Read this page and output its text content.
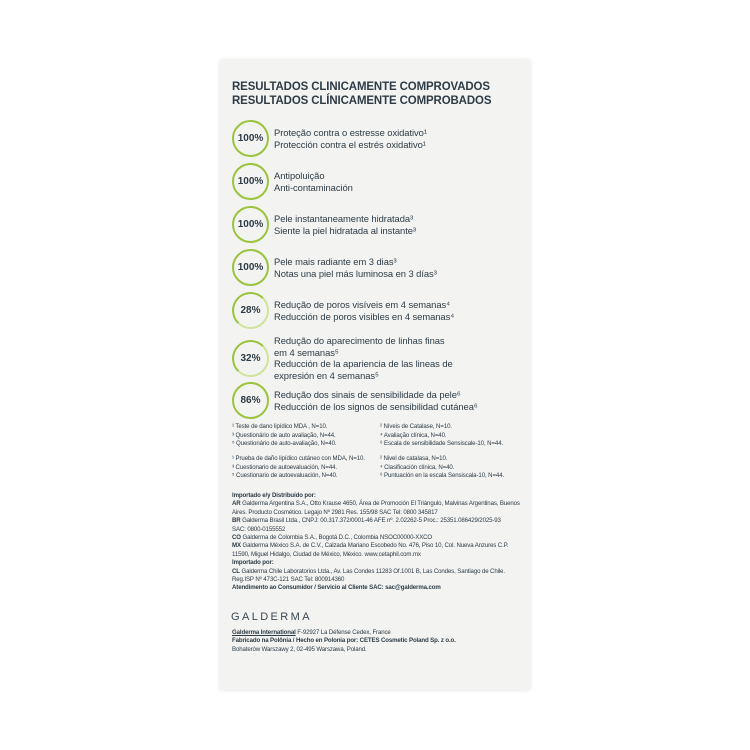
RESULTADOS CLINICAMENTE COMPROVADOS
RESULTADOS CLÍNICAMENTE COMPROBADOS
100%
Proteção contra o estresse oxidativo¹
Protección contra el estrés oxidativo¹
100%
Antipoluição
Anti-contaminación
100%
Pele instantaneamente hidratada³
Siente la piel hidratada al instante³
100%
Pele mais radiante em 3 dias³
Notas una piel más luminosa en 3 días³
28%
Redução de poros visíveis em 4 semanas⁴
Reducción de poros visibles en 4 semanas⁴
32%
Redução do aparecimento de linhas finas
em 4 semanas⁵
Reducción de la apariencia de las lineas de
expresión en 4 semanas⁵
86%
Redução dos sinais de sensibilidade da pele⁶
Reducción de los signos de sensibilidad cutánea⁶
¹ Teste de dano lipídico MDA , N=10.
³ Questionário de auto avaliação, N=44.
⁵ Questionário de auto-avaliação, N=40.
² Níveis de Catalase, N=10.
⁴ Avaliação clínica, N=40.
⁶ Escala de sensibilidade Sensiscale-10, N=44.
¹ Prueba de daño lipídico cutáneo con MDA, N=10.
³ Cuestionario de autoevaluación, N=44.
⁵ Cuestionario de autoevaluación, N=40.
² Nivel de catalasa, N=10.
⁴ Clasificación clínica, N=40.
⁶ Puntuación en la escala Sensiscala-10, N=44.
Importado e/y Distribuído por:
AR Galderma Argentina S.A., Otto Krause 4650, Área de Promoción El Triángulo, Malvinas Argentinas, Buenos Aires. Producto Cosmético. Legajo Nº 2981 Res. 155/98 SAC Tel: 0800 345817
BR Galderma Brasil Ltda., CNPJ: 00.317.372/0001-46 AFE nº. 2.02262-5 Proc.: 25351.086429/2025-93
SAC: 0800-0155552
CO Galderma de Colombia S.A., Bogotá D.C., Colombia NSOC00000-XXCO
MX Galderma México S.A. de C.V., Calzada Mariano Escobedo No. 476, Piso 10, Col. Nueva Anzures C.P. 11590, Miguel Hidalgo, Ciudad de México, México. www.cetaphil.com.mx
Importado por:
CL Galderma Chile Laboratorios Ltda., Av. Las Condes 11283 Of.1001 B, Las Condes, Santiago de Chile. Reg.ISP Nº 473C-121 SAC Tel: 800914360
Atendimento ao Consumidor / Servicio al Cliente SAC: sac@galderma.com
GALDERMA
Galderma International F-92927 La Défense Cedex, France
Fabricado na Polônia / Hecho en Polonia por: CETES Cosmetic Poland Sp. z o.o.
Bohaterów Warszawy 2, 02-495 Warszawa, Poland.
